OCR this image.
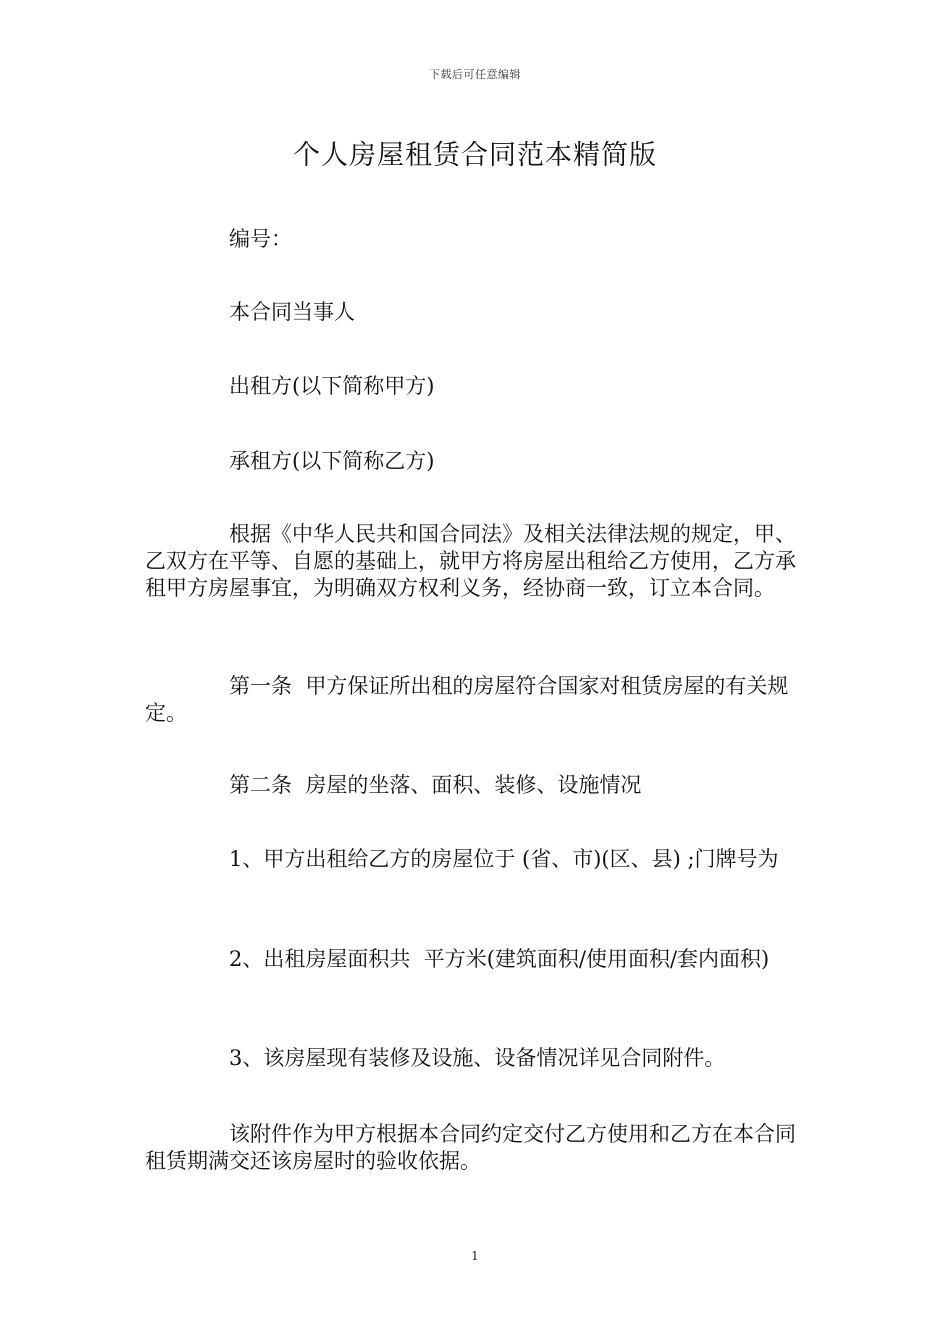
下载后可任意编辑
个人房屋租赁合同范本精简版

编号：

本合同当事人

出租方(以下简称甲方)

承租方(以下简称乙方)

根据《中华人民共和国合同法》及相关法律法规的规定，甲、乙双方在平等、自愿的基础上，就甲方将房屋出租给乙方使用，乙方承租甲方房屋事宜，为明确双方权利义务，经协商一致，订立本合同。

第一条  甲方保证所出租的房屋符合国家对租赁房屋的有关规定。

第二条  房屋的坐落、面积、装修、设施情况

1、甲方出租给乙方的房屋位于 (省、市)(区、县) ;门牌号为

2、出租房屋面积共  平方米(建筑面积/使用面积/套内面积)

3、该房屋现有装修及设施、设备情况详见合同附件。

该附件作为甲方根据本合同约定交付乙方使用和乙方在本合同租赁期满交还该房屋时的验收依据。

1
